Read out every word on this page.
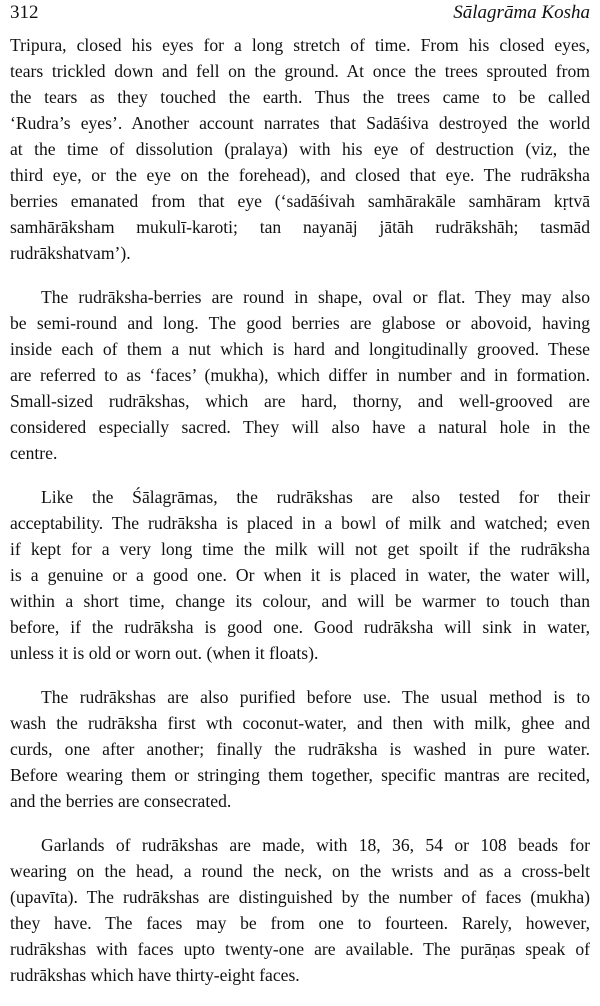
312	Sālagrāma Kosha
Tripura, closed his eyes for a long stretch of time. From his closed eyes,
tears trickled down and fell on the ground. At once the trees sprouted from
the tears as they touched the earth. Thus the trees came to be called
‘Rudra’s eyes’. Another account narrates that Sadāśiva destroyed the world
at the time of dissolution (pralaya) with his eye of destruction (viz, the
third eye, or the eye on the forehead), and closed that eye. The rudrāksha
berries emanated from that eye (‘sadāśivah samhārakāle samhāram kṛtvā
samhārāksham mukulī-karoti; tan nayanāj jātāh rudrākshāh; tasmād
rudrākshatvam’).
The rudrāksha-berries are round in shape, oval or flat. They may also
be semi-round and long. The good berries are glabose or abovoid, having
inside each of them a nut which is hard and longitudinally grooved. These
are referred to as ‘faces’ (mukha), which differ in number and in formation.
Small-sized rudrākshas, which are hard, thorny, and well-grooved are
considered especially sacred. They will also have a natural hole in the
centre.
Like the Śālagrāmas, the rudrākshas are also tested for their
acceptability. The rudrāksha is placed in a bowl of milk and watched; even
if kept for a very long time the milk will not get spoilt if the rudrāksha
is a genuine or a good one. Or when it is placed in water, the water will,
within a short time, change its colour, and will be warmer to touch than
before, if the rudrāksha is good one. Good rudrāksha will sink in water,
unless it is old or worn out. (when it floats).
The rudrākshas are also purified before use. The usual method is to
wash the rudrāksha first wth coconut-water, and then with milk, ghee and
curds, one after another; finally the rudrāksha is washed in pure water.
Before wearing them or stringing them together, specific mantras are recited,
and the berries are consecrated.
Garlands of rudrākshas are made, with 18, 36, 54 or 108 beads for
wearing on the head, a round the neck, on the wrists and as a cross-belt
(upavīta). The rudrākshas are distinguished by the number of faces (mukha)
they have. The faces may be from one to fourteen. Rarely, however,
rudrākshas with faces upto twenty-one are available. The purāṇas speak of
rudrākshas which have thirty-eight faces.
